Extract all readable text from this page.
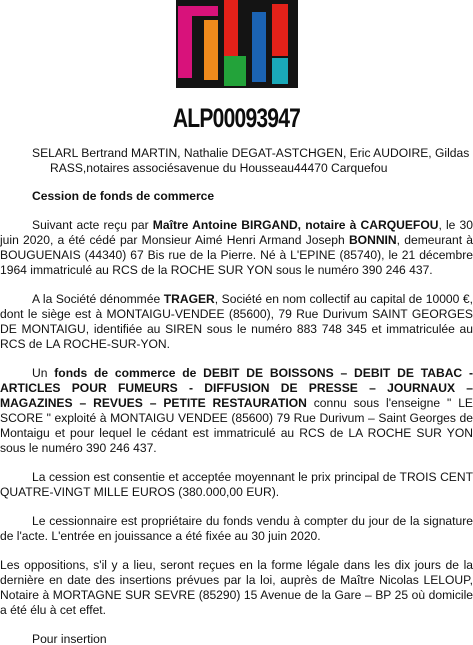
ALP00093947
SELARL Bertrand MARTIN, Nathalie DEGAT-ASTCHGEN, Eric AUDOIRE, Gildas
RASS,notaires associésavenue du Housseau44470 Carquefou
Cession de fonds de commerce

Suivant acte reçu par Maître Antoine BIRGAND, notaire à CARQUEFOU, le 30 juin 2020, a été cédé par Monsieur Aimé Henri Armand Joseph BONNIN, demeurant à BOUGUENAIS (44340) 67 Bis rue de la Pierre. Né à L'EPINE (85740), le 21 décembre 1964 immatriculé au RCS de la ROCHE SUR YON sous le numéro 390 246 437.

A la Société dénommée TRAGER, Société en nom collectif au capital de 10000 €, dont le siège est à MONTAIGU-VENDEE (85600), 79 Rue Durivum SAINT GEORGES DE MONTAIGU, identifiée au SIREN sous le numéro 883 748 345 et immatriculée au RCS de LA ROCHE-SUR-YON.

Un fonds de commerce de DEBIT DE BOISSONS – DEBIT DE TABAC -ARTICLES POUR FUMEURS - DIFFUSION DE PRESSE – JOURNAUX – MAGAZINES – REVUES – PETITE RESTAURATION connu sous l'enseigne " LE SCORE " exploité à MONTAIGU VENDEE (85600) 79 Rue Durivum – Saint Georges de Montaigu et pour lequel le cédant est immatriculé au RCS de LA ROCHE SUR YON sous le numéro 390 246 437.

La cession est consentie et acceptée moyennant le prix principal de TROIS CENT QUATRE-VINGT MILLE EUROS (380.000,00 EUR).

Le cessionnaire est propriétaire du fonds vendu à compter du jour de la signature de l'acte. L'entrée en jouissance a été fixée au 30 juin 2020.

Les oppositions, s'il y a lieu, seront reçues en la forme légale dans les dix jours de la dernière en date des insertions prévues par la loi, auprès de Maître Nicolas LELOUP, Notaire à MORTAGNE SUR SEVRE (85290) 15 Avenue de la Gare – BP 25 où domicile a été élu à cet effet.

Pour insertion
